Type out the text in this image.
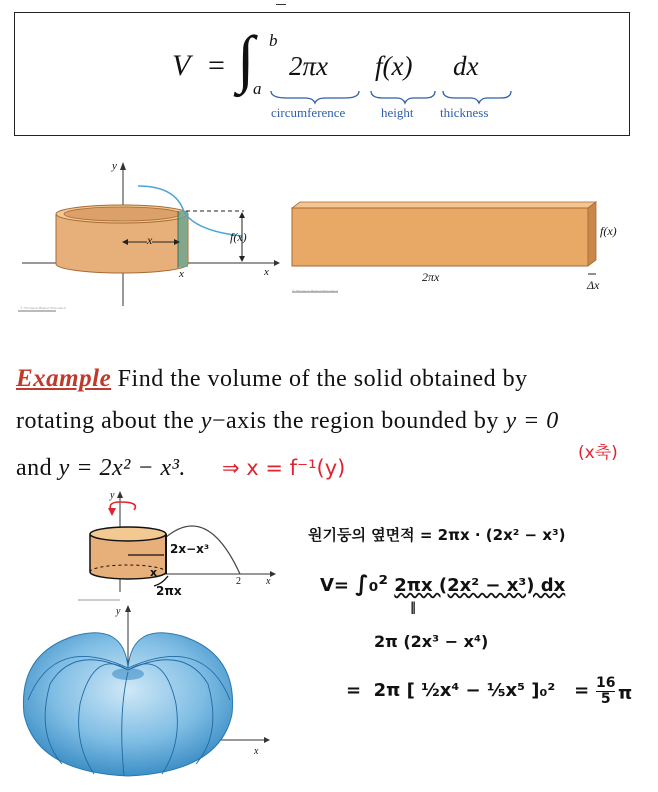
V = ∫ b
a
2πx f(x) dx
circumference	height thickness
y
x
x	f(x)
x
© Thomson Higher Education
f(x)
2πx
Δx
© Thomson Higher Education
Example Find the volume of the solid obtained by
rotating about the y−axis the region bounded by y = 0
(x축)
and y = 2x² − x³. ⇒ x = f⁻¹(y)
y
x
2
2x−x³
x
2πx
y
x
원기둥의 옆면적 = 2πx · (2x² − x³)
V= ∫₀² 2πx (2x² − x³) dx
‖
2π (2x³ − x⁴)
= 2π [ ½x⁴ − ⅕x⁵ ]$_0^2 = \frac{16}{5}$ π
